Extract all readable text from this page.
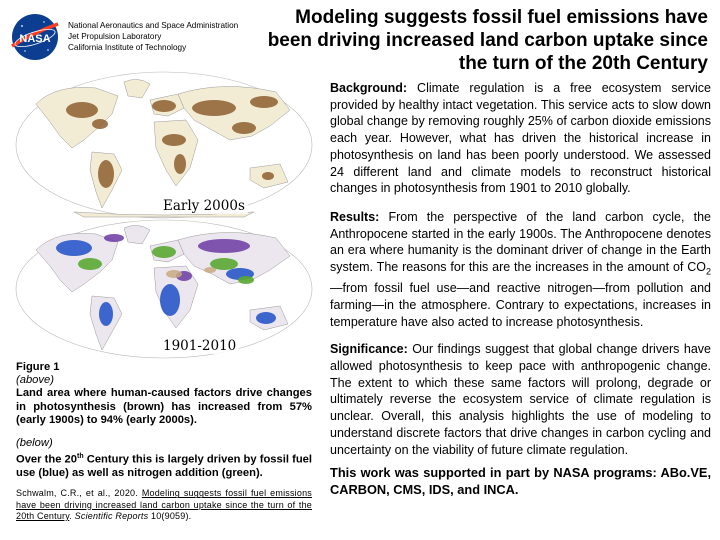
NASA
National Aeronautics and Space Administration
Jet Propulsion Laboratory
California Institute of Technology
Modeling suggests fossil fuel emissions have
been driving increased land carbon uptake since
the turn of the 20th Century
Early 2000s
1901-2010

Figure 1

(above)

Land area where human-caused factors drive changes in photosynthesis (brown) has increased from 57% (early 1900s) to 94% (early 2000s).

(below)

Over the 20th Century this is largely driven by fossil fuel use (blue) as well as nitrogen addition (green).

Schwalm, C.R., et al., 2020. Modeling suggests fossil fuel emissions have been driving increased land carbon uptake since the turn of the 20th Century. Scientific Reports 10(9059).

Background: Climate regulation is a free ecosystem service provided by healthy intact vegetation. This service acts to slow down global change by removing roughly 25% of carbon dioxide emissions each year. However, what has driven the historical increase in photosynthesis on land has been poorly understood. We assessed 24 different land and climate models to reconstruct historical changes in photosynthesis from 1901 to 2010 globally.

Results: From the perspective of the land carbon cycle, the Anthropocene started in the early 1900s. The Anthropocene denotes an era where humanity is the dominant driver of change in the Earth system. The reasons for this are the increases in the amount of $CO_2—from$ fossil fuel use—and reactive nitrogen—from pollution and farming—in the atmosphere. Contrary to expectations, increases in temperature have also acted to increase photosynthesis.

Significance: Our findings suggest that global change drivers have allowed photosynthesis to keep pace with anthropogenic change. The extent to which these same factors will prolong, degrade or ultimately reverse the ecosystem service of climate regulation is unclear. Overall, this analysis highlights the use of modeling to understand discrete factors that drive changes in carbon cycling and uncertainty on the viability of future climate regulation.

This work was supported in part by NASA programs: ABo.VE, CARBON, CMS, IDS, and INCA.
